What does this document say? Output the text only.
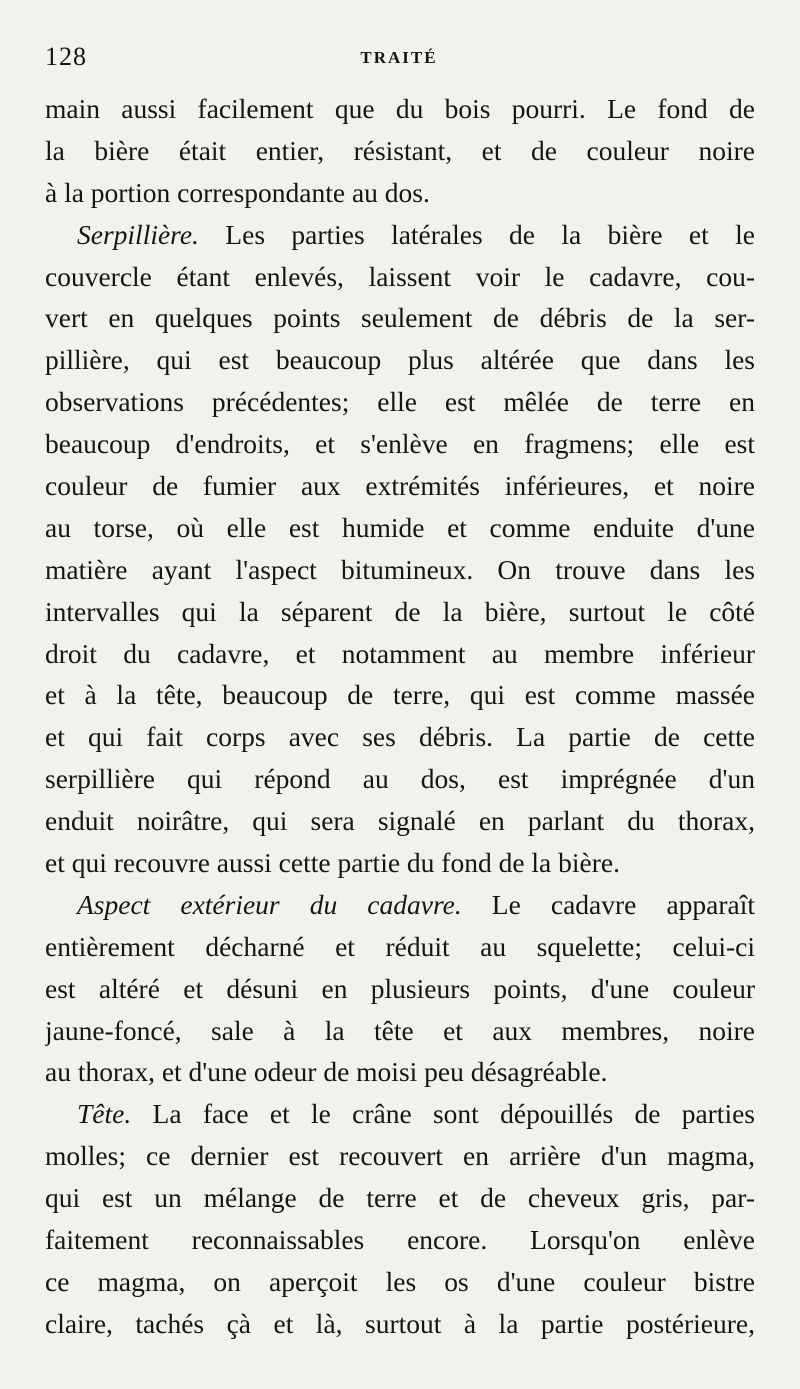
128	TRAITÉ
main aussi facilement que du bois pourri. Le fond de
la bière était entier, résistant, et de couleur noire
à la portion correspondante au dos.
Serpillière. Les parties latérales de la bière et le
couvercle étant enlevés, laissent voir le cadavre, cou-
vert en quelques points seulement de débris de la ser-
pillière, qui est beaucoup plus altérée que dans les
observations précédentes; elle est mêlée de terre en
beaucoup d'endroits, et s'enlève en fragmens; elle est
couleur de fumier aux extrémités inférieures, et noire
au torse, où elle est humide et comme enduite d'une
matière ayant l'aspect bitumineux. On trouve dans les
intervalles qui la séparent de la bière, surtout le côté
droit du cadavre, et notamment au membre inférieur
et à la tête, beaucoup de terre, qui est comme massée
et qui fait corps avec ses débris. La partie de cette
serpillière qui répond au dos, est imprégnée d'un
enduit noirâtre, qui sera signalé en parlant du thorax,
et qui recouvre aussi cette partie du fond de la bière.
Aspect extérieur du cadavre. Le cadavre apparaît
entièrement décharné et réduit au squelette; celui-ci
est altéré et désuni en plusieurs points, d'une couleur
jaune-foncé, sale à la tête et aux membres, noire
au thorax, et d'une odeur de moisi peu désagréable.
Tête. La face et le crâne sont dépouillés de parties
molles; ce dernier est recouvert en arrière d'un magma,
qui est un mélange de terre et de cheveux gris, par-
faitement reconnaissables encore. Lorsqu'on enlève
ce magma, on aperçoit les os d'une couleur bistre
claire, tachés çà et là, surtout à la partie postérieure,
